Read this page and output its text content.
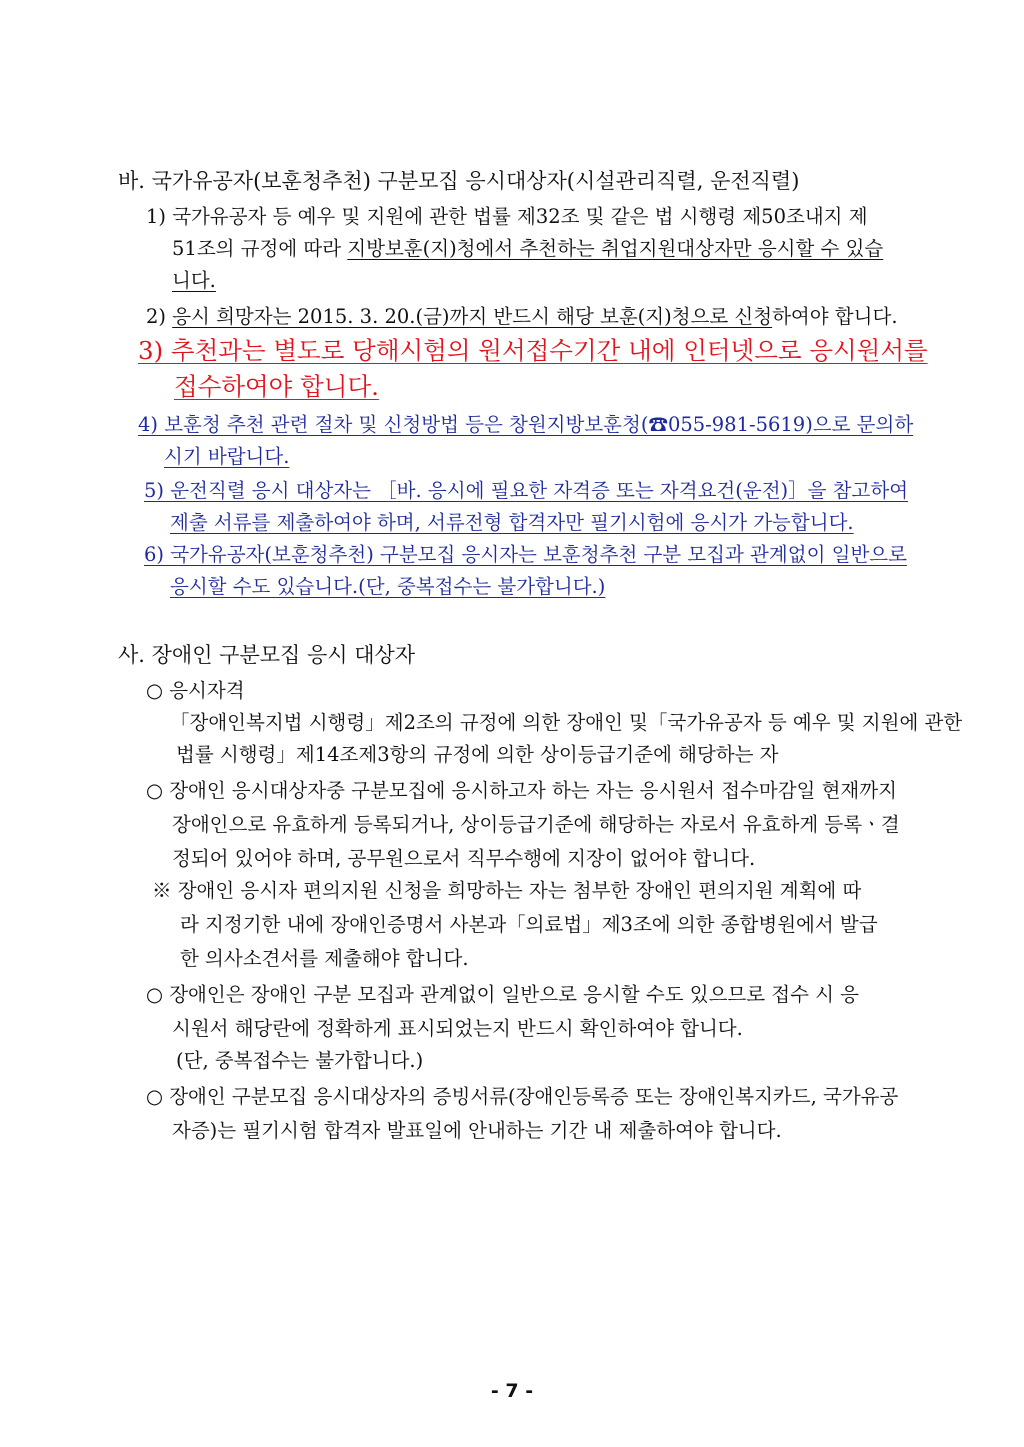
바. 국가유공자(보훈청추천) 구분모집 응시대상자(시설관리직렬, 운전직렬)
1) 국가유공자 등 예우 및 지원에 관한 법률 제32조 및 같은 법 시행령 제50조내지 제
51조의 규정에 따라 지방보훈(지)청에서 추천하는 취업지원대상자만 응시할 수 있습
니다.
2) 응시 희망자는 2015. 3. 20.(금)까지 반드시 해당 보훈(지)청으로 신청하여야 합니다.
3) 추천과는 별도로 당해시험의 원서접수기간 내에 인터넷으로 응시원서를
접수하여야 합니다.
4) 보훈청 추천 관련 절차 및 신청방법 등은 창원지방보훈청(☎055-981-5619)으로 문의하
시기 바랍니다.
5) 운전직렬 응시 대상자는 ［바. 응시에 필요한 자격증 또는 자격요건(운전)］을 참고하여
제출 서류를 제출하여야 하며, 서류전형 합격자만 필기시험에 응시가 가능합니다.
6) 국가유공자(보훈청추천) 구분모집 응시자는 보훈청추천 구분 모집과 관계없이 일반으로
응시할 수도 있습니다.(단, 중복접수는 불가합니다.)
사. 장애인 구분모집 응시 대상자
○ 응시자격
「장애인복지법 시행령」제2조의 규정에 의한 장애인 및「국가유공자 등 예우 및 지원에 관한
법률 시행령」제14조제3항의 규정에 의한 상이등급기준에 해당하는 자
○ 장애인 응시대상자중 구분모집에 응시하고자 하는 자는 응시원서 접수마감일 현재까지
장애인으로 유효하게 등록되거나, 상이등급기준에 해당하는 자로서 유효하게 등록ㆍ결
정되어 있어야 하며, 공무원으로서 직무수행에 지장이 없어야 합니다.
※ 장애인 응시자 편의지원 신청을 희망하는 자는 첨부한 장애인 편의지원 계획에 따
라 지정기한 내에 장애인증명서 사본과「의료법」제3조에 의한 종합병원에서 발급
한 의사소견서를 제출해야 합니다.
○ 장애인은 장애인 구분 모집과 관계없이 일반으로 응시할 수도 있으므로 접수 시 응
시원서 해당란에 정확하게 표시되었는지 반드시 확인하여야 합니다.
(단, 중복접수는 불가합니다.)
○ 장애인 구분모집 응시대상자의 증빙서류(장애인등록증 또는 장애인복지카드, 국가유공
자증)는 필기시험 합격자 발표일에 안내하는 기간 내 제출하여야 합니다.
- 7 -
